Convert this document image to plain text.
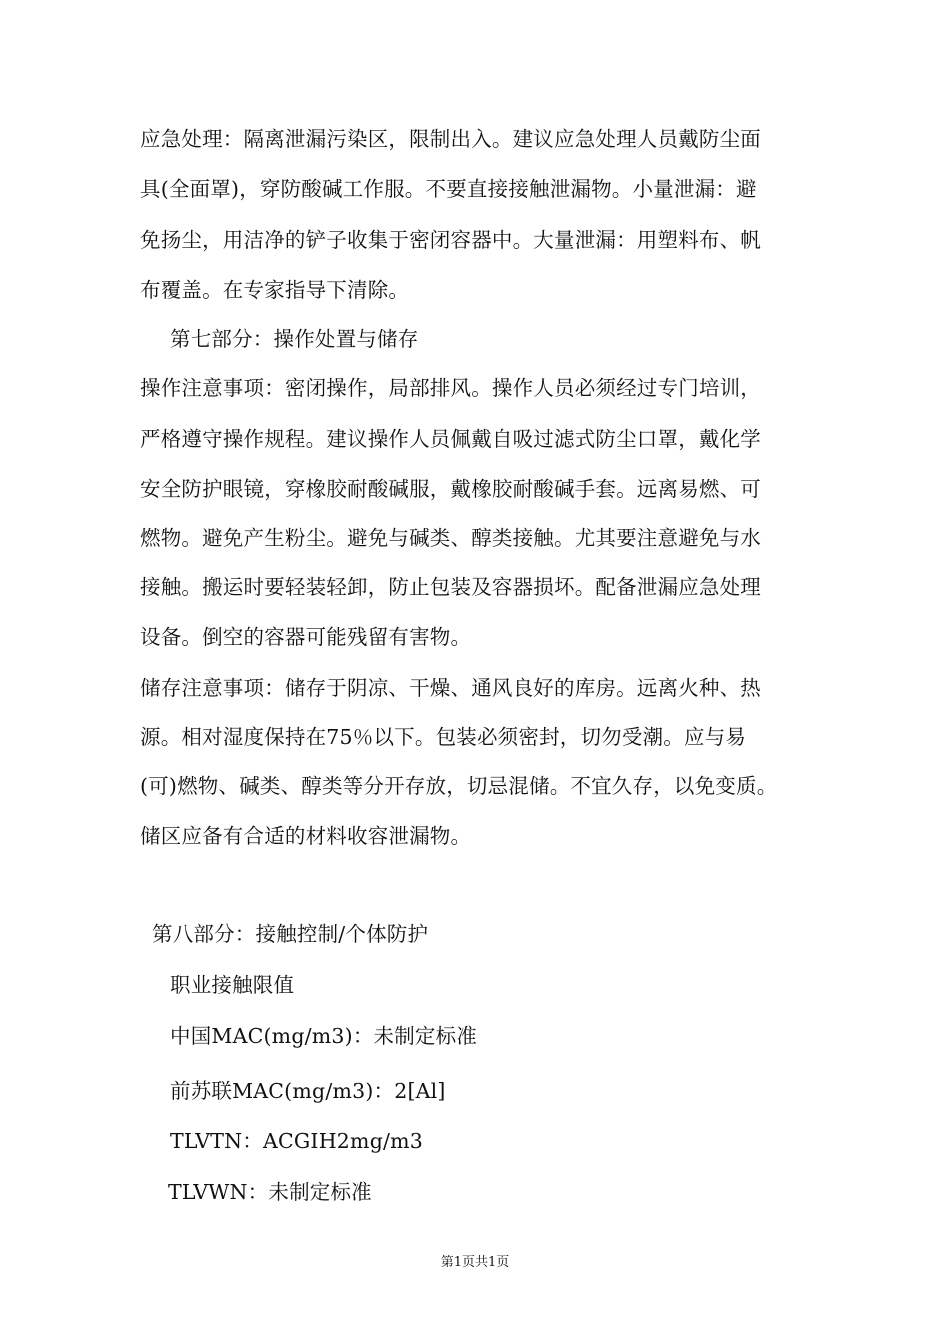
应急处理：隔离泄漏污染区，限制出入。建议应急处理人员戴防尘面
具(全面罩)，穿防酸碱工作服。不要直接接触泄漏物。小量泄漏：避
免扬尘，用洁净的铲子收集于密闭容器中。大量泄漏：用塑料布、帆
布覆盖。在专家指导下清除。
第七部分：操作处置与储存
操作注意事项：密闭操作，局部排风。操作人员必须经过专门培训，
严格遵守操作规程。建议操作人员佩戴自吸过滤式防尘口罩，戴化学
安全防护眼镜，穿橡胶耐酸碱服，戴橡胶耐酸碱手套。远离易燃、可
燃物。避免产生粉尘。避免与碱类、醇类接触。尤其要注意避免与水
接触。搬运时要轻装轻卸，防止包装及容器损坏。配备泄漏应急处理
设备。倒空的容器可能残留有害物。
储存注意事项：储存于阴凉、干燥、通风良好的库房。远离火种、热
源。相对湿度保持在75％以下。包装必须密封，切勿受潮。应与易
(可)燃物、碱类、醇类等分开存放，切忌混储。不宜久存，以免变质。
储区应备有合适的材料收容泄漏物。
第八部分：接触控制/个体防护
职业接触限值
中国MAC(mg/m3)：未制定标准
前苏联MAC(mg/m3)：2[Al]
TLVTN：ACGIH2mg/m3
TLVWN：未制定标准
第1页共1页
